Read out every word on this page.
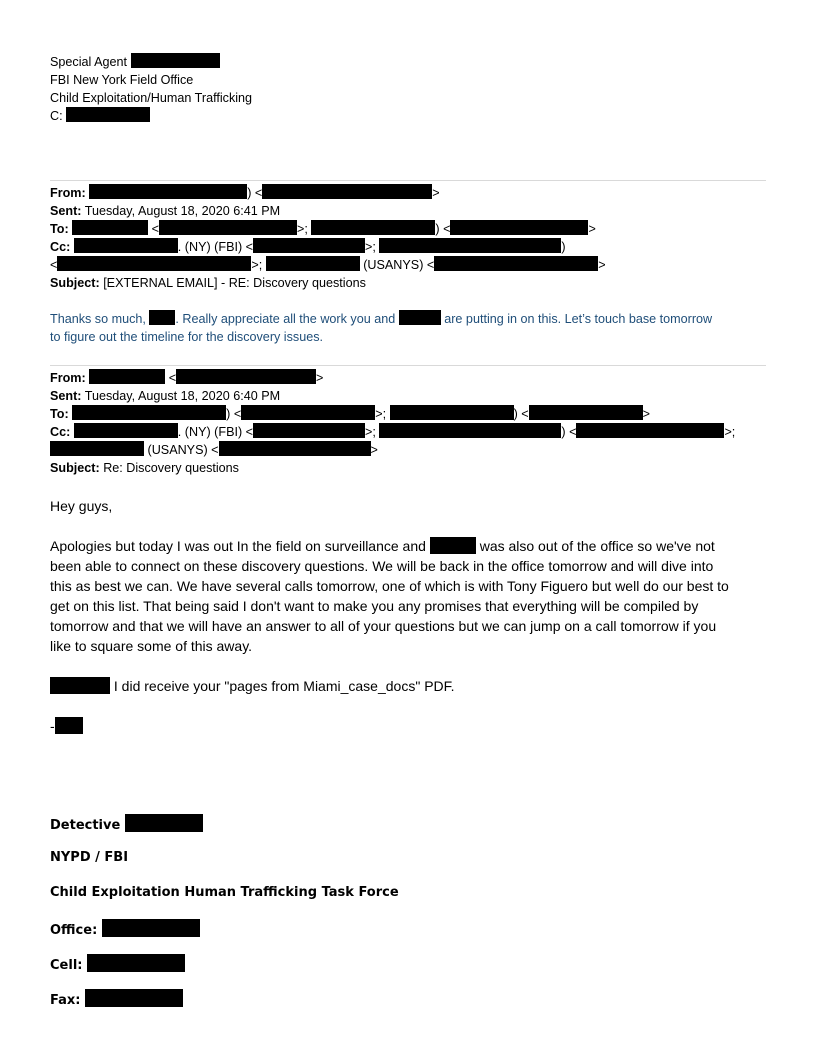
Special Agent
FBI New York Field Office
Child Exploitation/Human Trafficking
C:
From:	) <	>
Sent: Tuesday, August 18, 2020 6:41 PM
To:	<	>;	) <	>
Cc:	. (NY) (FBI) <	>;	)
<	>;	(USANYS) <	>
Subject: [EXTERNAL EMAIL] - RE: Discovery questions
Thanks so much, . Really appreciate all the work you and	are putting in on this. Let’s touch base tomorrow
to figure out the timeline for the discovery issues.
From:	<	>
Sent: Tuesday, August 18, 2020 6:40 PM
To:	) <	>;	) <	>
Cc:	. (NY) (FBI) <	>;	) <	>;
(USANYS) <	>
Subject: Re: Discovery questions
Hey guys,
Apologies but today I was out In the field on surveillance and	was also out of the office so we've not
been able to connect on these discovery questions. We will be back in the office tomorrow and will dive into
this as best we can. We have several calls tomorrow, one of which is with Tony Figuero but well do our best to
get on this list. That being said I don't want to make you any promises that everything will be compiled by
tomorrow and that we will have an answer to all of your questions but we can jump on a call tomorrow if you
like to square some of this away.
I did receive your "pages from Miami_case_docs" PDF.
-
Detective
NYPD / FBI
Child Exploitation Human Trafficking Task Force
Office:
Cell:
Fax:
